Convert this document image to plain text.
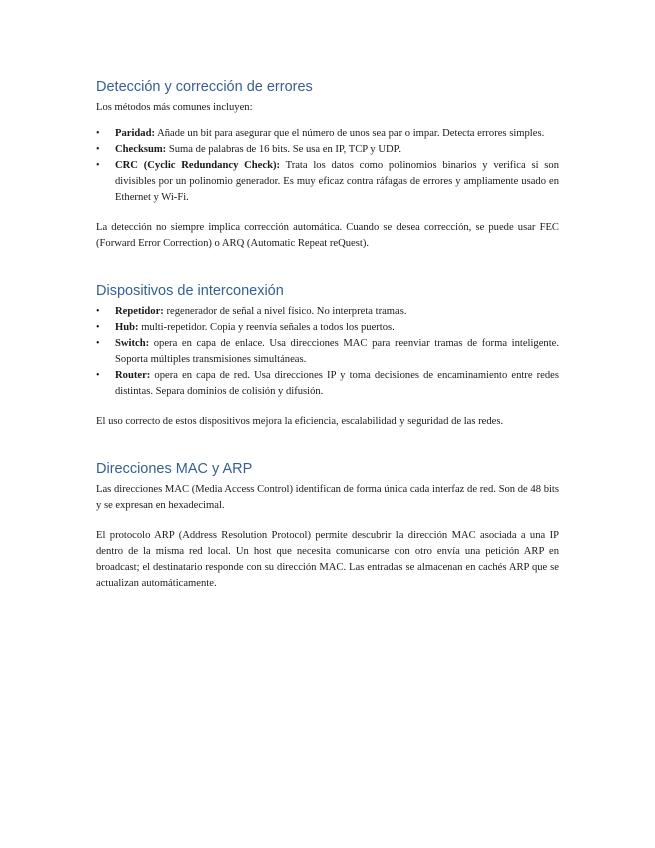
Detección y corrección de errores

Los métodos más comunes incluyen:

• Paridad: Añade un bit para asegurar que el número de unos sea par o impar. Detecta errores simples.
• Checksum: Suma de palabras de 16 bits. Se usa en IP, TCP y UDP.
• CRC (Cyclic Redundancy Check): Trata los datos como polinomios binarios y verifica si son divisibles por un polinomio generador. Es muy eficaz contra ráfagas de errores y ampliamente usado en Ethernet y Wi-Fi.

La detección no siempre implica corrección automática. Cuando se desea corrección, se puede usar FEC (Forward Error Correction) o ARQ (Automatic Repeat reQuest).

Dispositivos de interconexión
• Repetidor: regenerador de señal a nivel físico. No interpreta tramas.
• Hub: multi-repetidor. Copia y reenvía señales a todos los puertos.
• Switch: opera en capa de enlace. Usa direcciones MAC para reenviar tramas de forma inteligente. Soporta múltiples transmisiones simultáneas.
• Router: opera en capa de red. Usa direcciones IP y toma decisiones de encaminamiento entre redes distintas. Separa dominios de colisión y difusión.

El uso correcto de estos dispositivos mejora la eficiencia, escalabilidad y seguridad de las redes.

Direcciones MAC y ARP

Las direcciones MAC (Media Access Control) identifican de forma única cada interfaz de red. Son de 48 bits y se expresan en hexadecimal.

El protocolo ARP (Address Resolution Protocol) permite descubrir la dirección MAC asociada a una IP dentro de la misma red local. Un host que necesita comunicarse con otro envía una petición ARP en broadcast; el destinatario responde con su dirección MAC. Las entradas se almacenan en cachés ARP que se actualizan automáticamente.
